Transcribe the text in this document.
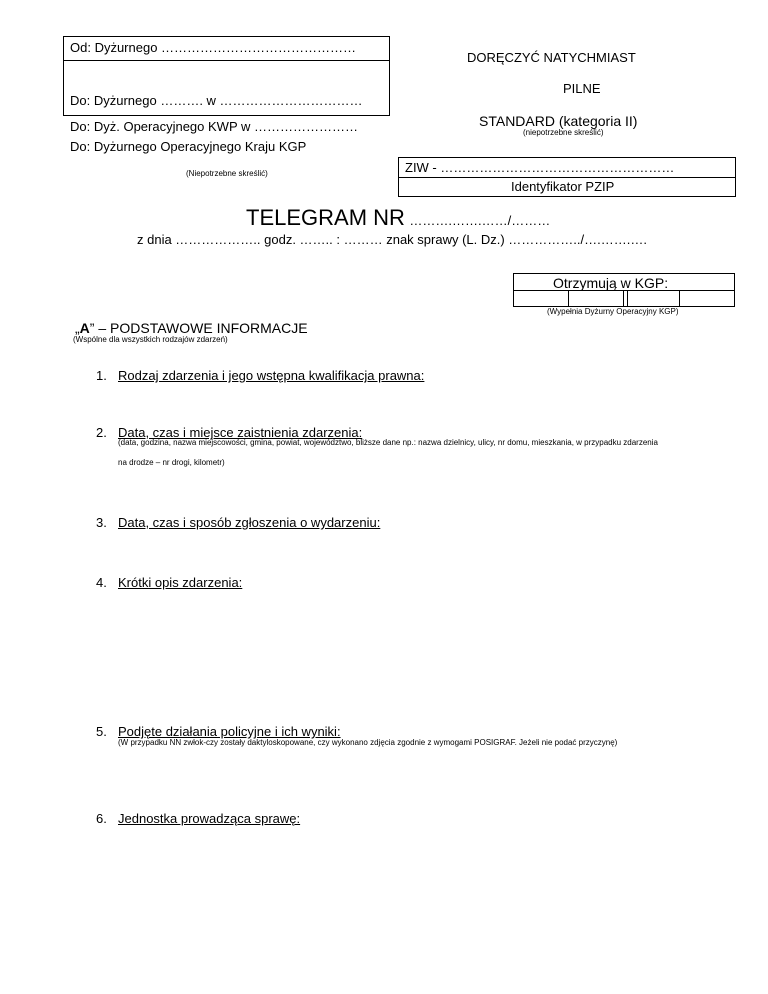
Od: Dyżurnego ………………………………………
Do: Dyżurnego ………. w ……………………………
Do: Dyż. Operacyjnego KWP w ……………………
Do: Dyżurnego Operacyjnego Kraju KGP
(Niepotrzebne skreślić)
DORĘCZYĆ NATYCHMIAST
PILNE
STANDARD (kategoria II)
(niepotrzebne skreślić)
ZIW - ………………………………………………
Identyfikator PZIP
TELEGRAM NR ……….…….……/………
z dnia ……………….. godz. …….. : ……… znak sprawy (L. Dz.) ……………../….…….….
Otrzymują w KGP:
(Wypełnia Dyżurny Operacyjny KGP)
„A” – PODSTAWOWE INFORMACJE
(Wspólne dla wszystkich rodzajów zdarzeń)
1. Rodzaj zdarzenia i jego wstępna kwalifikacja prawna:
2. Data, czas i miejsce zaistnienia zdarzenia:
(data, godzina, nazwa miejscowości, gmina, powiat, województwo, bliższe dane np.: nazwa dzielnicy, ulicy, nr domu, mieszkania, w przypadku zdarzenia
na drodze – nr drogi, kilometr)
3. Data, czas i sposób zgłoszenia o wydarzeniu:
4. Krótki opis zdarzenia:
5. Podjęte działania policyjne i ich wyniki:
(W przypadku NN zwłok-czy zostały daktyloskopowane, czy wykonano zdjęcia zgodnie z wymogami POSIGRAF. Jeżeli nie podać przyczynę)
6. Jednostka prowadząca sprawę:
